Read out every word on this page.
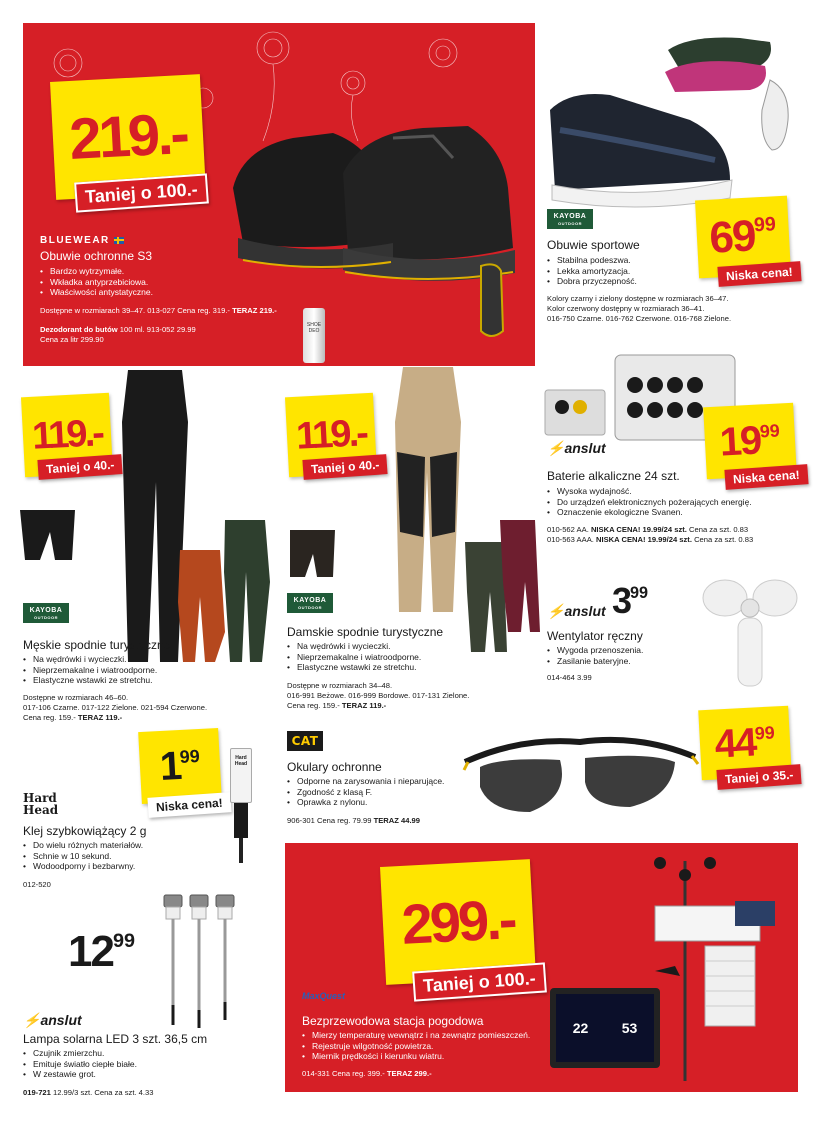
219.-
Taniej o 100.-
SHOE DEO
BLUEWEAR
Obuwie ochronne S3
• Bardzo wytrzymałe.
• Wkładka antyprzebiciowa.
• Właściwości antystatyczne.
Dostępne w rozmiarach 39–47. 013-027 Cena reg. 319.- TERAZ 219.-
Dezodorant do butów 100 ml. 913-052 29.99
Cena za litr 299.90
KAYOBA
OUTDOOR	$69^{99}$
Niska cena!
Obuwie sportowe
• Stabilna podeszwa.
• Lekka amortyzacja.
• Dobra przyczepność.
Kolory czarny i zielony dostępne w rozmiarach 36–47.
Kolor czerwony dostępny w rozmiarach 36–41.
016-750 Czarne. 016-762 Czerwone. 016-768 Zielone.
119.-
Taniej o 40.-
KAYOBA
OUTDOOR
Męskie spodnie turystyczne
• Na wędrówki i wycieczki.
• Nieprzemakalne i wiatroodporne.
• Elastyczne wstawki ze stretchu.
Dostępne w rozmiarach 46–60.
017-106 Czarne. 017-122 Zielone. 021-594 Czerwone.
Cena reg. 159.- TERAZ 119.-
119.-
Taniej o 40.-
KAYOBA
OUTDOOR
Damskie spodnie turystyczne
• Na wędrówki i wycieczki.
• Nieprzemakalne i wiatroodporne.
• Elastyczne wstawki ze stretchu.
Dostępne w rozmiarach 34–48.
016-991 Beżowe. 016-999 Bordowe. 017-131 Zielone.
Cena reg. 159.- TERAZ 119.-
⚡anslut	$19^{99}$
Niska cena!
Baterie alkaliczne 24 szt.
• Wysoka wydajność.
• Do urządzeń elektronicznych pożerających energię.
• Oznaczenie ekologiczne Svanen.
010-562 AA. NISKA CENA! 19.99/24 szt. Cena za szt. 0.83
010-563 AAA. NISKA CENA! 19.99/24 szt. Cena za szt. 0.83
⚡anslut $3^{99}$
Wentylator ręczny
• Wygoda przenoszenia.
• Zasilanie bateryjne.
014-464 3.99
$1^{99}$
Niska cena!
Hard Head
Hard
Head
Klej szybkowiążący 2 g
• Do wielu różnych materiałów.
• Schnie w 10 sekund.
• Wodoodporny i bezbarwny.
012-520
CAT
Okulary ochronne
• Odporne na zarysowania i nieparujące.
• Zgodność z klasą F.
• Oprawka z nylonu.
906-301 Cena reg. 79.99 TERAZ 44.99
$44^{99}$
Taniej o 35.-
$12^{99}$
⚡anslut
Lampa solarna LED 3 szt. 36,5 cm
• Czujnik zmierzchu.
• Emituje światło ciepłe białe.
• W zestawie grot.
019-721 12.99/3 szt. Cena za szt. 4.33
299.-
Taniej o 100.-
22 53
MaxQuest
Bezprzewodowa stacja pogodowa
• Mierzy temperaturę wewnątrz i na zewnątrz pomieszczeń.
• Rejestruje wilgotność powietrza.
• Miernik prędkości i kierunku wiatru.
014-331 Cena reg. 399.- TERAZ 299.-
